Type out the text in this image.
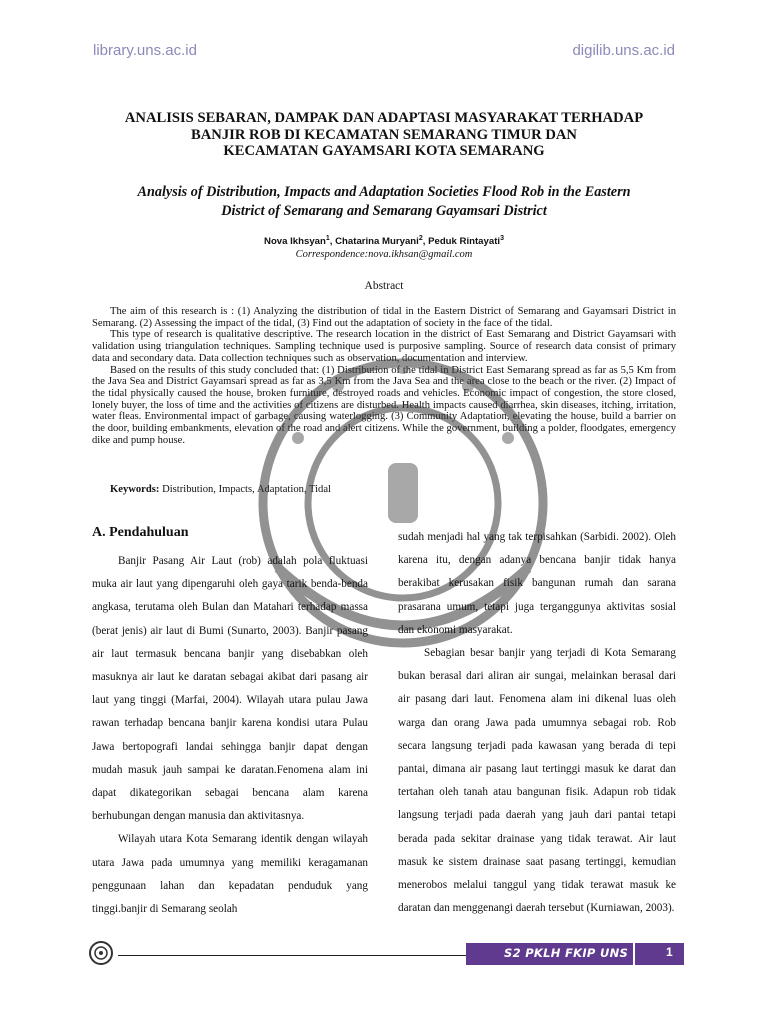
library.uns.ac.id	digilib.uns.ac.id
ANALISIS SEBARAN, DAMPAK DAN ADAPTASI MASYARAKAT TERHADAP
BANJIR ROB DI KECAMATAN SEMARANG TIMUR DAN
KECAMATAN GAYAMSARI KOTA SEMARANG
Analysis of Distribution, Impacts and Adaptation Societies Flood Rob in the Eastern
District of Semarang and Semarang Gayamsari District
Nova Ikhsyan$^1$, Chatarina Muryani$^2$, Peduk Rintayati$^3$
Correspondence:nova.ikhsan@gmail.com
Abstract

The aim of this research is : (1) Analyzing the distribution of tidal in the Eastern District of Semarang and Gayamsari District in Semarang. (2) Assessing the impact of the tidal, (3) Find out the adaptation of society in the face of the tidal.

This type of research is qualitative descriptive. The research location in the district of East Semarang and District Gayamsari with validation using triangulation techniques. Sampling technique used is purposive sampling. Source of research data consist of primary data and secondary data. Data collection techniques such as observation, documentation and interview.

Based on the results of this study concluded that: (1) Distribution of the tidal in District East Semarang spread as far as 5,5 Km from the Java Sea and District Gayamsari spread as far as 3,5 Km from the Java Sea and the area close to the beach or the river. (2) Impact of the tidal physically caused the house, broken furniture, destroyed roads and vehicles. Economic impact of congestion, the store closed, lonely buyer, the loss of time and the activities of citizens are disturbed. Health impacts caused diarrhea, skin diseases, itching, irritation, water fleas. Environmental impact of garbage, causing waterlogging. (3) Community Adaptation, elevating the house, build a barrier on the door, building embankments, elevation of the road and alert citizens. While the government, building a polder, floodgates, emergency dike and pump house.

Keywords: Distribution, Impacts, Adaptation, Tidal
A. Pendahuluan

Banjir Pasang Air Laut (rob) adalah pola fluktuasi muka air laut yang dipengaruhi oleh gaya tarik benda-benda angkasa, terutama oleh Bulan dan Matahari terhadap massa (berat jenis) air laut di Bumi (Sunarto, 2003). Banjir pasang air laut termasuk bencana banjir yang disebabkan oleh masuknya air laut ke daratan sebagai akibat dari pasang air laut yang tinggi (Marfai, 2004). Wilayah utara pulau Jawa rawan terhadap bencana banjir karena kondisi utara Pulau Jawa bertopografi landai sehingga banjir dapat dengan mudah masuk jauh sampai ke daratan.Fenomena alam ini dapat dikategorikan sebagai bencana alam karena berhubungan dengan manusia dan aktivitasnya.

Wilayah utara Kota Semarang identik dengan wilayah utara Jawa pada umumnya yang memiliki keragamanan penggunaan lahan dan kepadatan penduduk yang tinggi.banjir di Semarang seolah

sudah menjadi hal yang tak terpisahkan (Sarbidi. 2002). Oleh karena itu, dengan adanya bencana banjir tidak hanya berakibat kerusakan fisik bangunan rumah dan sarana prasarana umum, tetapi juga terganggunya aktivitas sosial dan ekonomi masyarakat.

Sebagian besar banjir yang terjadi di Kota Semarang bukan berasal dari aliran air sungai, melainkan berasal dari air pasang dari laut. Fenomena alam ini dikenal luas oleh warga dan orang Jawa pada umumnya sebagai rob. Rob secara langsung terjadi pada kawasan yang berada di tepi pantai, dimana air pasang laut tertinggi masuk ke darat dan tertahan oleh tanah atau bangunan fisik. Adapun rob tidak langsung terjadi pada daerah yang jauh dari pantai tetapi berada pada sekitar drainase yang tidak terawat. Air laut masuk ke sistem drainase saat pasang tertinggi, kemudian menerobos melalui tanggul yang tidak terawat masuk ke daratan dan menggenangi daerah tersebut (Kurniawan, 2003).

S2 PKLH FKIP UNS	1
